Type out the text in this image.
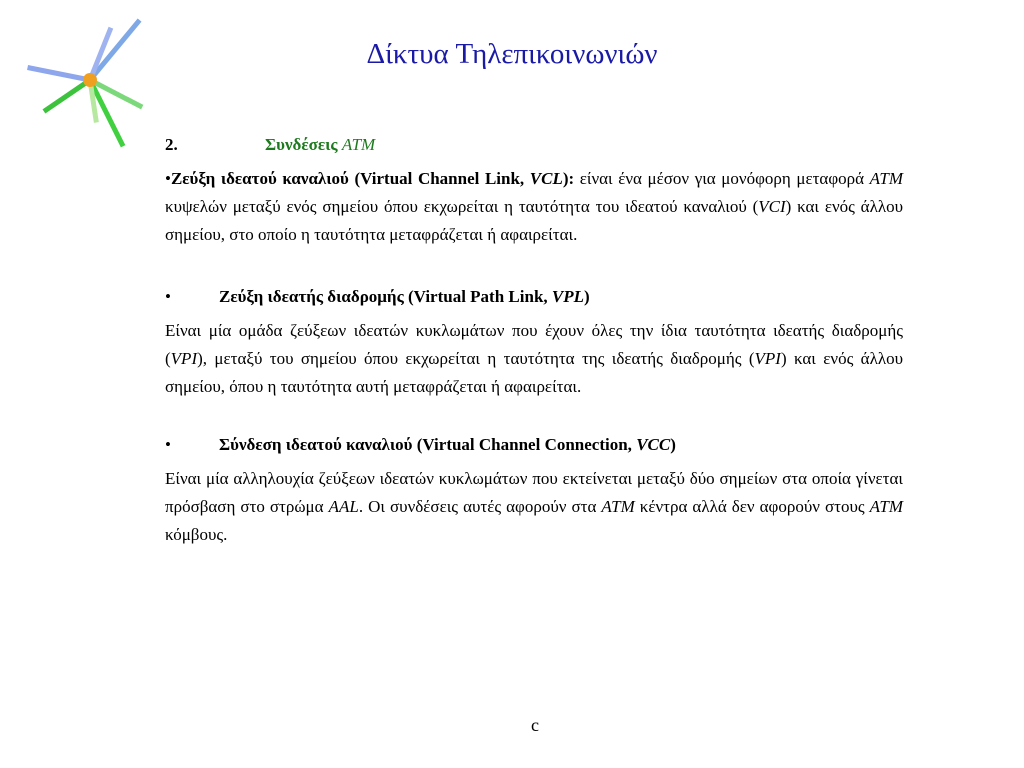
Δίκτυα Τηλεπικοινωνιών
2.	Συνδέσεις ATM

•Ζεύξη ιδεατού καναλιού (Virtual Channel Link, VCL): είναι ένα μέσον για μονόφορη μεταφορά ATM κυψελών μεταξύ ενός σημείου όπου εκχωρείται η ταυτότητα του ιδεατού καναλιού (VCI) και ενός άλλου σημείου, στο οποίο η ταυτότητα μεταφράζεται ή αφαιρείται.

•	Ζεύξη ιδεατής διαδρομής (Virtual Path Link, VPL)

Είναι μία ομάδα ζεύξεων ιδεατών κυκλωμάτων που έχουν όλες την ίδια ταυτότητα ιδεατής διαδρομής (VPI), μεταξύ του σημείου όπου εκχωρείται η ταυτότητα της ιδεατής διαδρομής (VPI) και ενός άλλου σημείου, όπου η ταυτότητα αυτή μεταφράζεται ή αφαιρείται.

•	Σύνδεση ιδεατού καναλιού (Virtual Channel Connection, VCC)

Είναι μία αλληλουχία ζεύξεων ιδεατών κυκλωμάτων που εκτείνεται μεταξύ δύο σημείων στα οποία γίνεται πρόσβαση στο στρώμα AAL. Οι συνδέσεις αυτές αφορούν στα ATM κέντρα αλλά δεν αφορούν στους ATM κόμβους.

c
